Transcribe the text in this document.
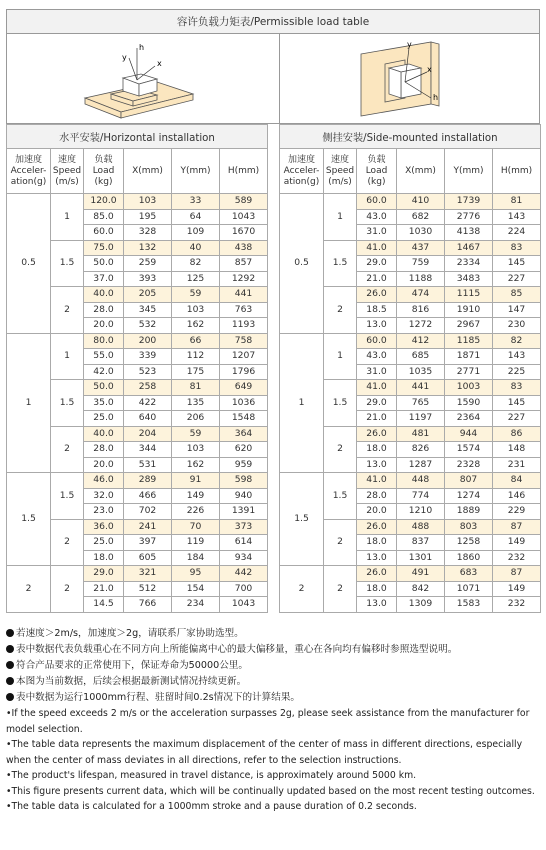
容许负载力矩表/Permissible load table
h
y
x
y
x
h
水平安装/Horizontal installation					
加速度 Acceler-ation(g)	速度 Speed (m/s)	负载 Load (kg)	X(mm)	Y(mm)	H(mm)
0.5	1	120.0	103	33	589
		85.0	195	64	1043
		60.0	328	109	1670
	1.5	75.0	132	40	438
		50.0	259	82	857
		37.0	393	125	1292
	2	40.0	205	59	441
		28.0	345	103	763
		20.0	532	162	1193
1	1	80.0	200	66	758
		55.0	339	112	1207
		42.0	523	175	1796
	1.5	50.0	258	81	649
		35.0	422	135	1036
		25.0	640	206	1548
	2	40.0	204	59	364
		28.0	344	103	620
		20.0	531	162	959
1.5	1.5	46.0	289	91	598
		32.0	466	149	940
		23.0	702	226	1391
	2	36.0	241	70	373
		25.0	397	119	614
		18.0	605	184	934
2	2	29.0	321	95	442
		21.0	512	154	700
		14.5	766	234	1043
侧挂安装/Side-mounted installation					
加速度 Acceler-ation(g)	速度 Speed (m/s)	负载 Load (kg)	X(mm)	Y(mm)	H(mm)
0.5	1	60.0	410	1739	81
		43.0	682	2776	143
		31.0	1030	4138	224
	1.5	41.0	437	1467	83
		29.0	759	2334	145
		21.0	1188	3483	227
	2	26.0	474	1115	85
		18.5	816	1910	147
		13.0	1272	2967	230
1	1	60.0	412	1185	82
		43.0	685	1871	143
		31.0	1035	2771	225
	1.5	41.0	441	1003	83
		29.0	765	1590	145
		21.0	1197	2364	227
	2	26.0	481	944	86
		18.0	826	1574	148
		13.0	1287	2328	231
1.5	1.5	41.0	448	807	84
		28.0	774	1274	146
		20.0	1210	1889	229
	2	26.0	488	803	87
		18.0	837	1258	149
		13.0	1301	1860	232
2	2	26.0	491	683	87
		18.0	842	1071	149
		13.0	1309	1583	232
若速度＞2m/s，加速度＞2g，请联系厂家协助选型。
表中数据代表负载重心在不同方向上所能偏离中心的最大偏移量，重心在各向均有偏移时参照选型说明。
符合产品要求的正常使用下，保证寿命为50000公里。
本图为当前数据，后续会根据最新测试情况持续更新。
表中数据为运行1000mm行程、驻留时间0.2s情况下的计算结果。
•If the speed exceeds 2 m/s or the acceleration surpasses 2g, please seek assistance from the manufacturer for model selection.
•The table data represents the maximum displacement of the center of mass in different directions, especially when the center of mass deviates in all directions, refer to the selection instructions.
•The product's lifespan, measured in travel distance, is approximately around 5000 km.
•This figure presents current data, which will be continually updated based on the most recent testing outcomes.
•The table data is calculated for a 1000mm stroke and a pause duration of 0.2 seconds.
